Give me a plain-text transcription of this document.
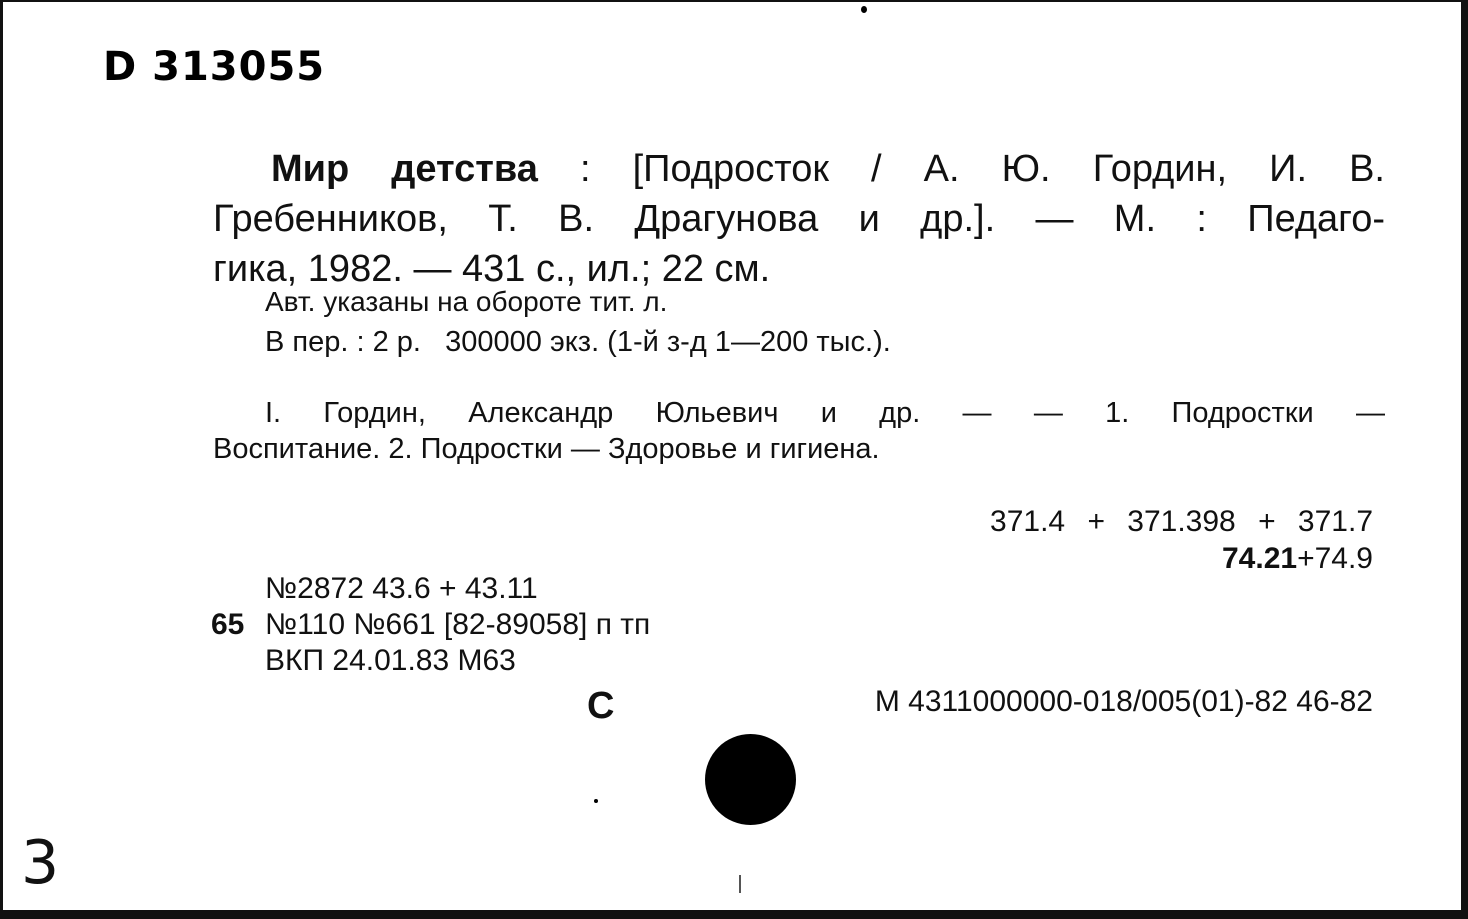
D 313055
Мир детства : [Подросток / А. Ю. Гордин, И. В.
Гребенников, Т. В. Драгунова и др.]. — М. : Педаго-
гика, 1982. — 431 с., ил.; 22 см.
Авт. указаны на обороте тит. л.
В пер. : 2 р.   300000 экз. (1-й з-д 1—200 тыс.).
I. Гордин, Александр Юльевич и др. — — 1. Подростки —
Воспитание. 2. Подростки — Здоровье и гигиена.
371.4 + 371.398 + 371.7
74.21+74.9
№2872 43.6 + 43.11
65 №110 №661 [82-89058] п тп
ВКП 24.01.83 М63
С	М 4311000000-018/005(01)-82 46-82
3
